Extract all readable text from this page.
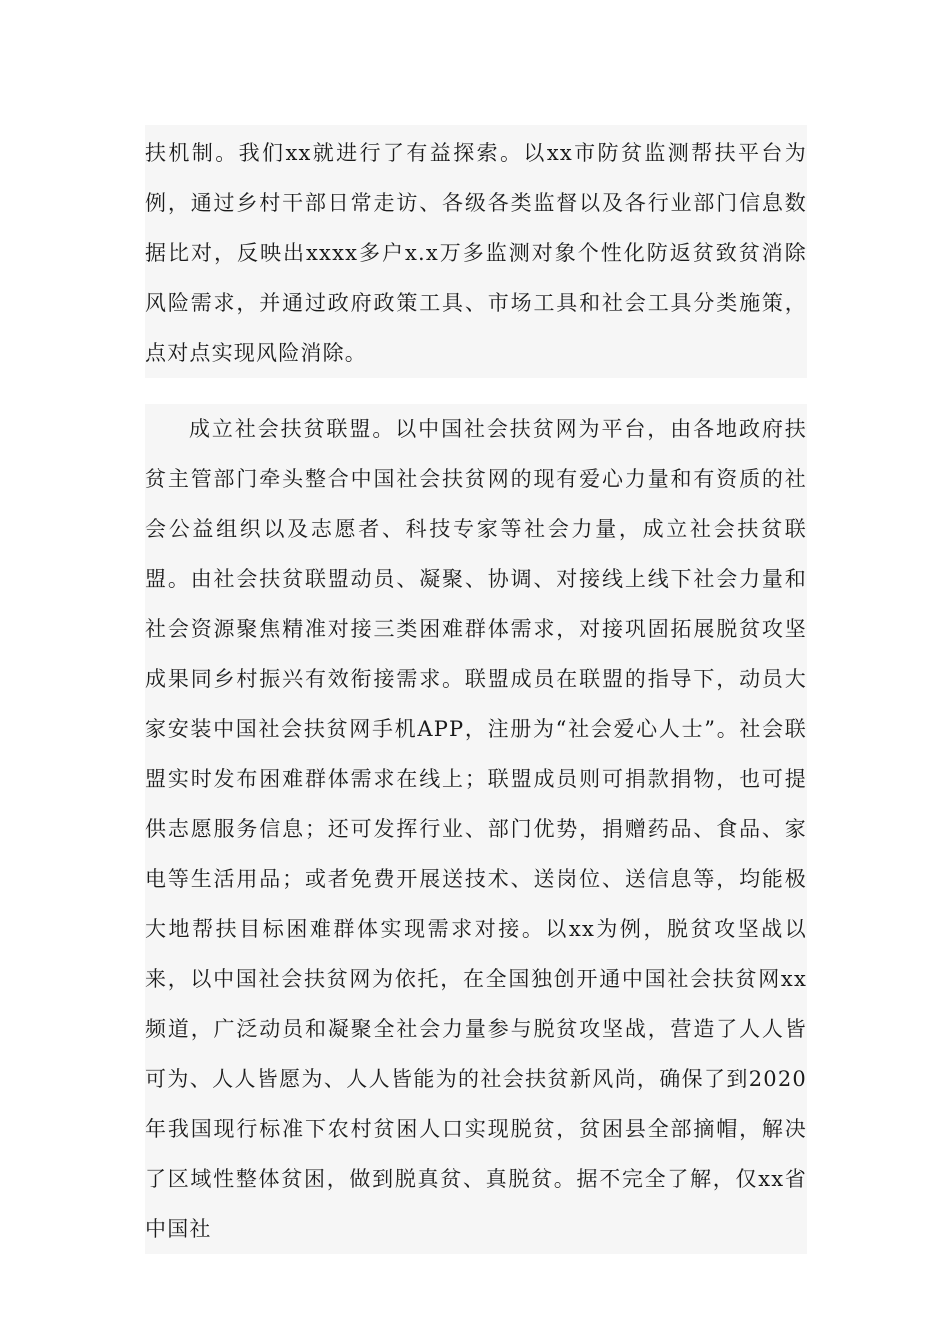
扶机制。我们xx就进行了有益探索。以xx市防贫监测帮扶平台为例，通过乡村干部日常走访、各级各类监督以及各行业部门信息数据比对，反映出xxxx多户x.x万多监测对象个性化防返贫致贫消除风险需求，并通过政府政策工具、市场工具和社会工具分类施策，点对点实现风险消除。

成立社会扶贫联盟。以中国社会扶贫网为平台，由各地政府扶贫主管部门牵头整合中国社会扶贫网的现有爱心力量和有资质的社会公益组织以及志愿者、科技专家等社会力量，成立社会扶贫联盟。由社会扶贫联盟动员、凝聚、协调、对接线上线下社会力量和社会资源聚焦精准对接三类困难群体需求，对接巩固拓展脱贫攻坚成果同乡村振兴有效衔接需求。联盟成员在联盟的指导下，动员大家安装中国社会扶贫网手机APP，注册为“社会爱心人士”。社会联盟实时发布困难群体需求在线上；联盟成员则可捐款捐物，也可提供志愿服务信息；还可发挥行业、部门优势，捐赠药品、食品、家电等生活用品；或者免费开展送技术、送岗位、送信息等，均能极大地帮扶目标困难群体实现需求对接。以xx为例，脱贫攻坚战以来，以中国社会扶贫网为依托，在全国独创开通中国社会扶贫网xx频道，广泛动员和凝聚全社会力量参与脱贫攻坚战，营造了人人皆可为、人人皆愿为、人人皆能为的社会扶贫新风尚，确保了到2020年我国现行标准下农村贫困人口实现脱贫，贫困县全部摘帽，解决了区域性整体贫困，做到脱真贫、真脱贫。据不完全了解，仅xx省中国社
